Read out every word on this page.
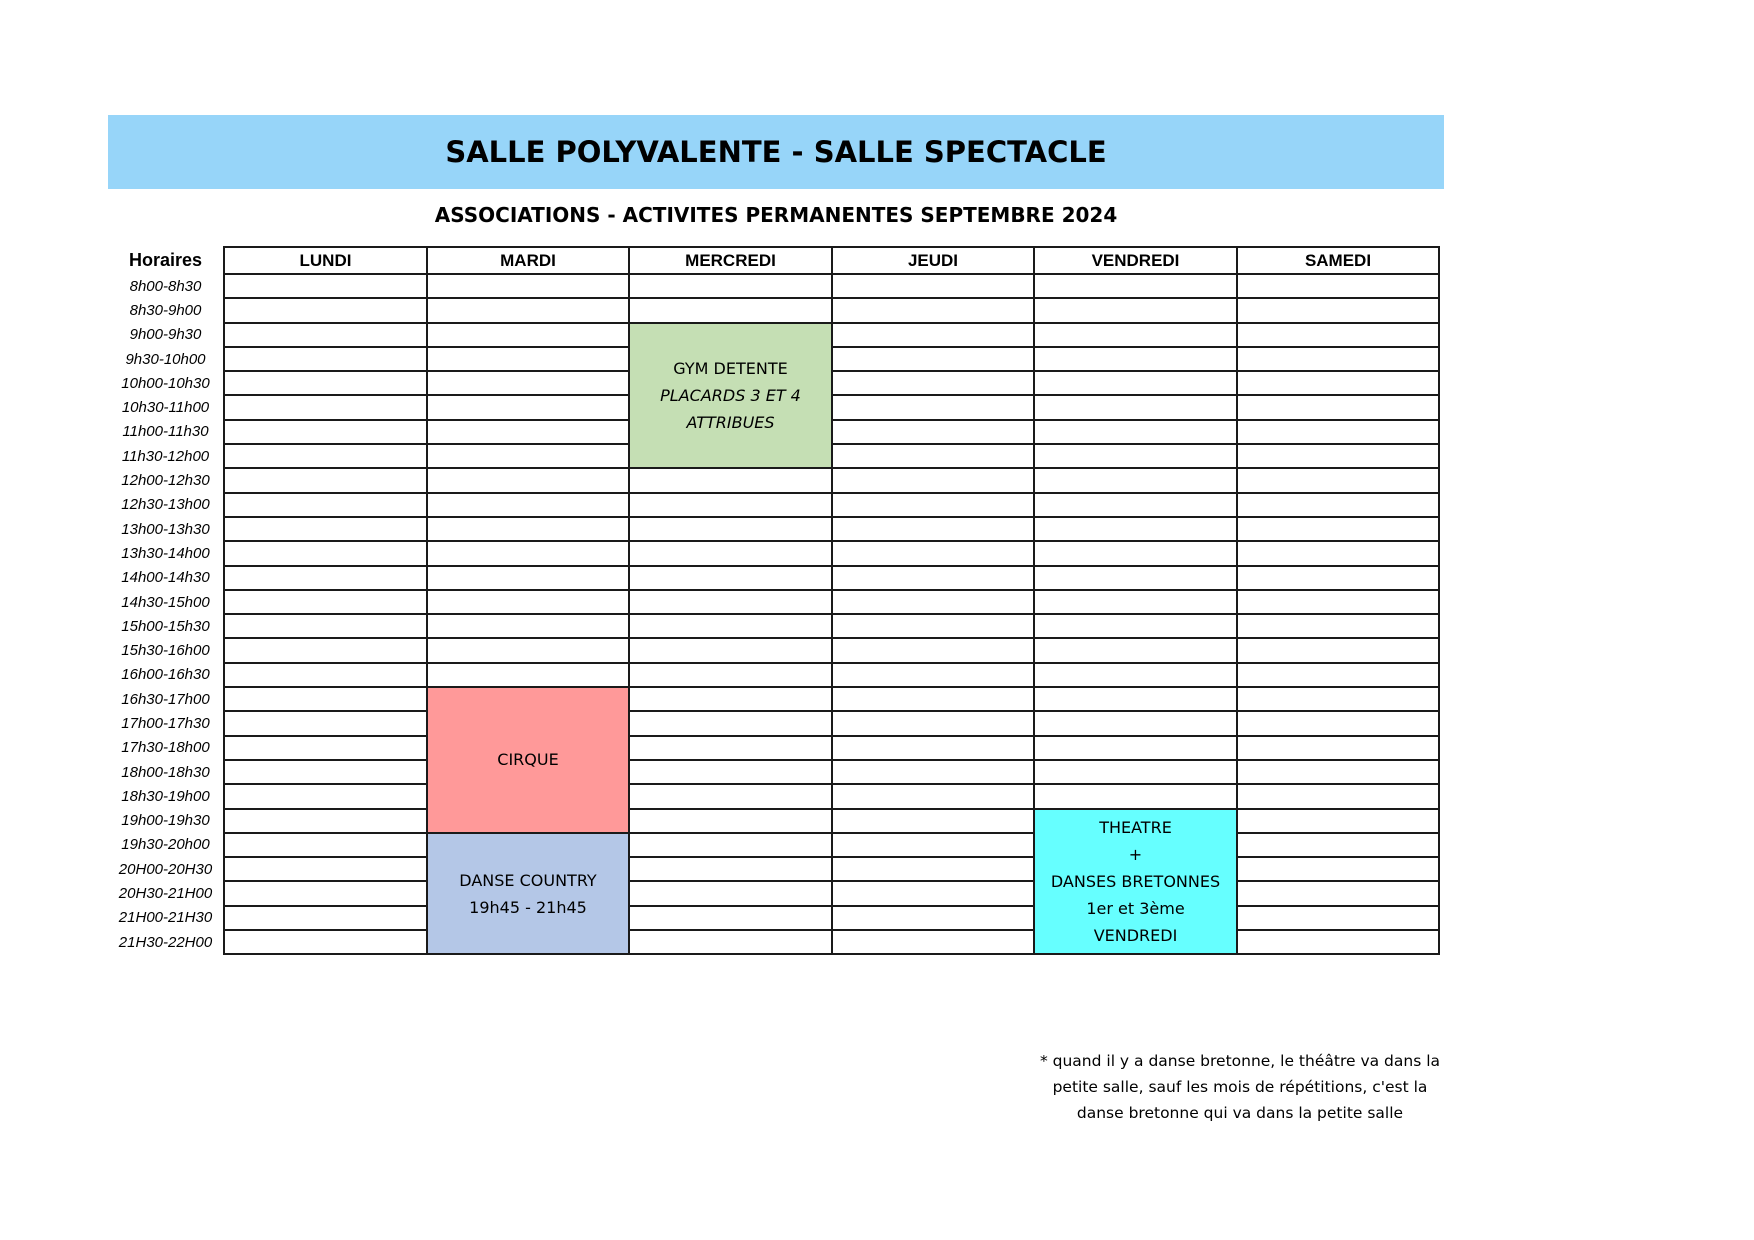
SALLE POLYVALENTE - SALLE SPECTACLE
ASSOCIATIONS - ACTIVITES PERMANENTES SEPTEMBRE 2024
Horaires	LUNDI	MARDI	MERCREDI	JEUDI	VENDREDI	SAMEDI
8h00-8h30						
8h30-9h00						
9h00-9h30			GYM DETENTE
PLACARDS 3 ET 4
ATTRIBUES			

9h30-10h00						
10h00-10h30						
10h30-11h00						
11h00-11h30						
11h30-12h00						
12h00-12h30						
12h30-13h00						
13h00-13h30						
13h30-14h00						
14h00-14h30						
14h30-15h00						
15h00-15h30						
15h30-16h00						
16h00-16h30						
16h30-17h00		CIRQUE				

17h00-17h30						
17h30-18h00						
18h00-18h30						
18h30-19h00						
19h00-19h30					THEATRE
+
DANSES BRETONNES
1er et 3ème
VENDREDI	

19h30-20h00		DANSE COUNTRY
19h45 - 21h45				

20H00-20H30						
20H30-21H00						
21H00-21H30						
21H30-22H00						
* quand il y a danse bretonne, le théâtre va dans la
petite salle, sauf les mois de répétitions, c'est la
danse bretonne qui va dans la petite salle
